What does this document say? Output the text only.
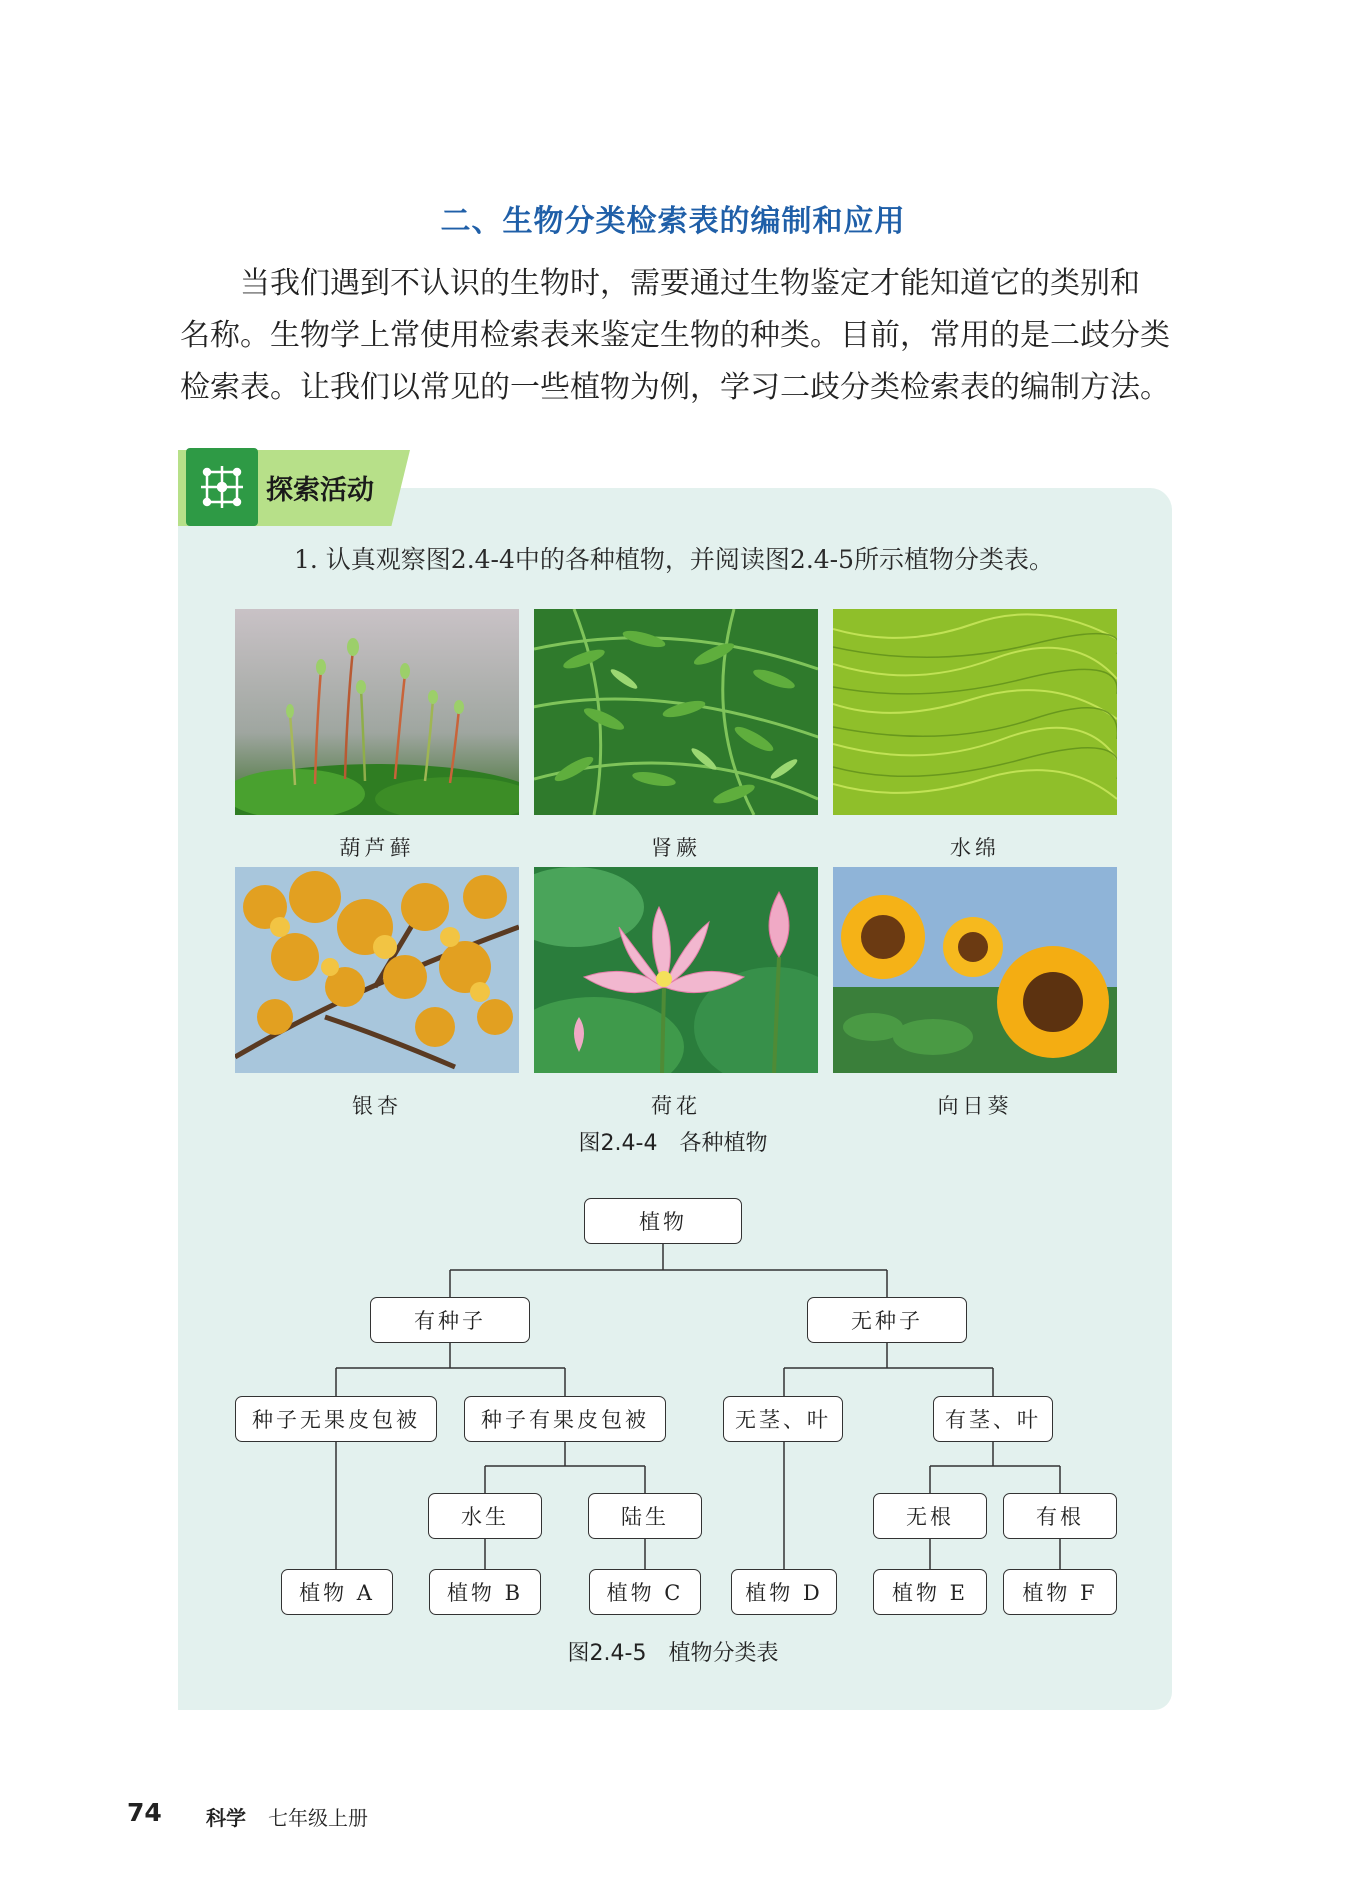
二、生物分类检索表的编制和应用

当我们遇到不认识的生物时，需要通过生物鉴定才能知道它的类别和

名称。生物学上常使用检索表来鉴定生物的种类。目前，常用的是二歧分类

检索表。让我们以常见的一些植物为例，学习二歧分类检索表的编制方法。

探索活动
1. 认真观察图2.4-4中的各种植物，并阅读图2.4-5所示植物分类表。
葫芦藓	肾蕨	水绵
银杏	荷花	向日葵
图2.4-4　各种植物
植物
有种子	无种子
种子无果皮包被	种子有果皮包被	无茎、叶	有茎、叶
水生	陆生	无根	有根
植物 A	植物 B	植物 C	植物 D	植物 E	植物 F
图2.4-5　植物分类表
74 科学 七年级上册
